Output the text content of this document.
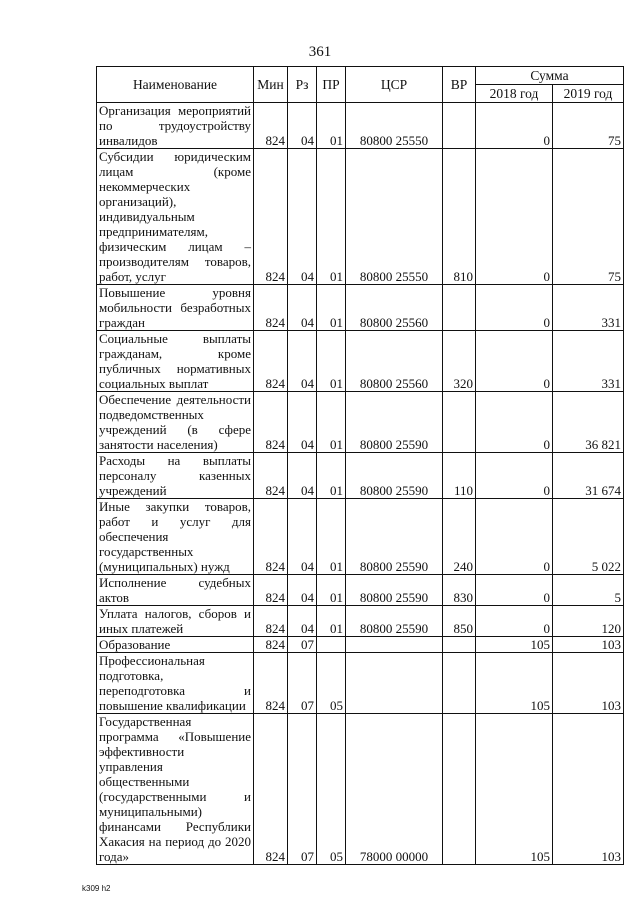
361
Наименование	Мин	Рз	ПР	ЦСР	ВР	Сумма	
						2018 год	2019 год
Организация мероприятий по трудоустройству инвалидов	824	04	01	80800 25550		0	75
Субсидии юридическим лицам (кроме некоммерческих организаций), индивидуальным предпринимателям, физическим лицам – производителям товаров, работ, услуг	824	04	01	80800 25550	810	0	75
Повышение уровня мобильности безработных граждан	824	04	01	80800 25560		0	331
Социальные выплаты гражданам, кроме публичных нормативных социальных выплат	824	04	01	80800 25560	320	0	331
Обеспечение деятельности подведомственных учреждений (в сфере занятости населения)	824	04	01	80800 25590		0	36 821
Расходы на выплаты персоналу казенных учреждений	824	04	01	80800 25590	110	0	31 674
Иные закупки товаров, работ и услуг для обеспечения государственных (муниципальных) нужд	824	04	01	80800 25590	240	0	5 022
Исполнение судебных актов	824	04	01	80800 25590	830	0	5
Уплата налогов, сборов и иных платежей	824	04	01	80800 25590	850	0	120
Образование	824	07				105	103
Профессиональная подготовка, переподготовка и повышение квалификации	824	07	05			105	103
Государственная программа «Повышение эффективности управления общественными (государственными и муниципальными) финансами Республики Хакасия на период до 2020 года»	824	07	05	78000 00000		105	103
k309 h2
